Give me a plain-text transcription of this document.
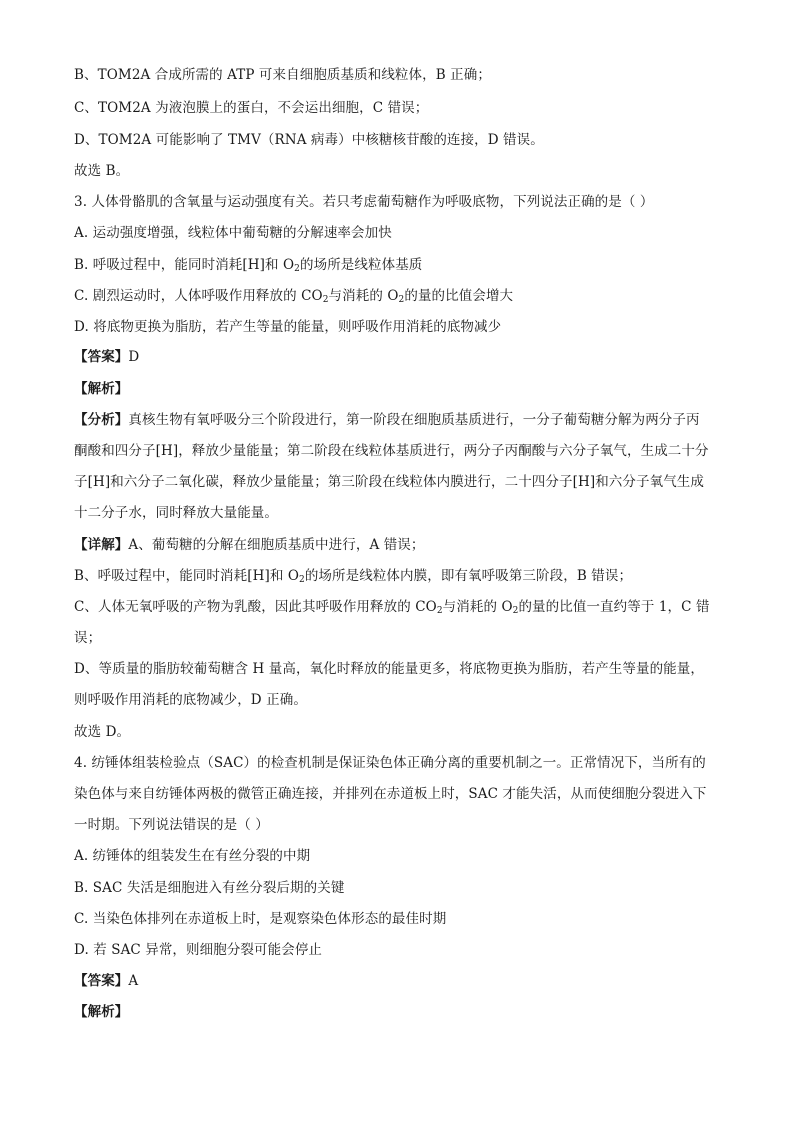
B、TOM2A 合成所需的 ATP 可来自细胞质基质和线粒体，B 正确；
C、TOM2A 为液泡膜上的蛋白，不会运出细胞，C 错误；
D、TOM2A 可能影响了 TMV（RNA 病毒）中核糖核苷酸的连接，D 错误。
故选 B。
3. 人体骨骼肌的含氧量与运动强度有关。若只考虑葡萄糖作为呼吸底物，下列说法正确的是（ ）
A. 运动强度增强，线粒体中葡萄糖的分解速率会加快
B. 呼吸过程中，能同时消耗[H]和 $O_2$的场所是线粒体基质
C. 剧烈运动时，人体呼吸作用释放的 $CO_2$与消耗的 $O_2$的量的比值会增大
D. 将底物更换为脂肪，若产生等量的能量，则呼吸作用消耗的底物减少
【答案】D
【解析】
【分析】真核生物有氧呼吸分三个阶段进行，第一阶段在细胞质基质进行，一分子葡萄糖分解为两分子丙
酮酸和四分子[H]，释放少量能量；第二阶段在线粒体基质进行，两分子丙酮酸与六分子氧气，生成二十分
子[H]和六分子二氧化碳，释放少量能量；第三阶段在线粒体内膜进行，二十四分子[H]和六分子氧气生成
十二分子水，同时释放大量能量。
【详解】A、葡萄糖的分解在细胞质基质中进行，A 错误；
B、呼吸过程中，能同时消耗[H]和 $O_2$的场所是线粒体内膜，即有氧呼吸第三阶段，B 错误；
C、人体无氧呼吸的产物为乳酸，因此其呼吸作用释放的 $CO_2$与消耗的 $O_2$的量的比值一直约等于 1，C 错
误；
D、等质量的脂肪较葡萄糖含 H 量高，氧化时释放的能量更多，将底物更换为脂肪，若产生等量的能量，
则呼吸作用消耗的底物减少，D 正确。
故选 D。
4. 纺锤体组装检验点（SAC）的检查机制是保证染色体正确分离的重要机制之一。正常情况下，当所有的
染色体与来自纺锤体两极的微管正确连接，并排列在赤道板上时，SAC 才能失活，从而使细胞分裂进入下
一时期。下列说法错误的是（ ）
A. 纺锤体的组装发生在有丝分裂的中期
B. SAC 失活是细胞进入有丝分裂后期的关键
C. 当染色体排列在赤道板上时，是观察染色体形态的最佳时期
D. 若 SAC 异常，则细胞分裂可能会停止
【答案】A
【解析】
